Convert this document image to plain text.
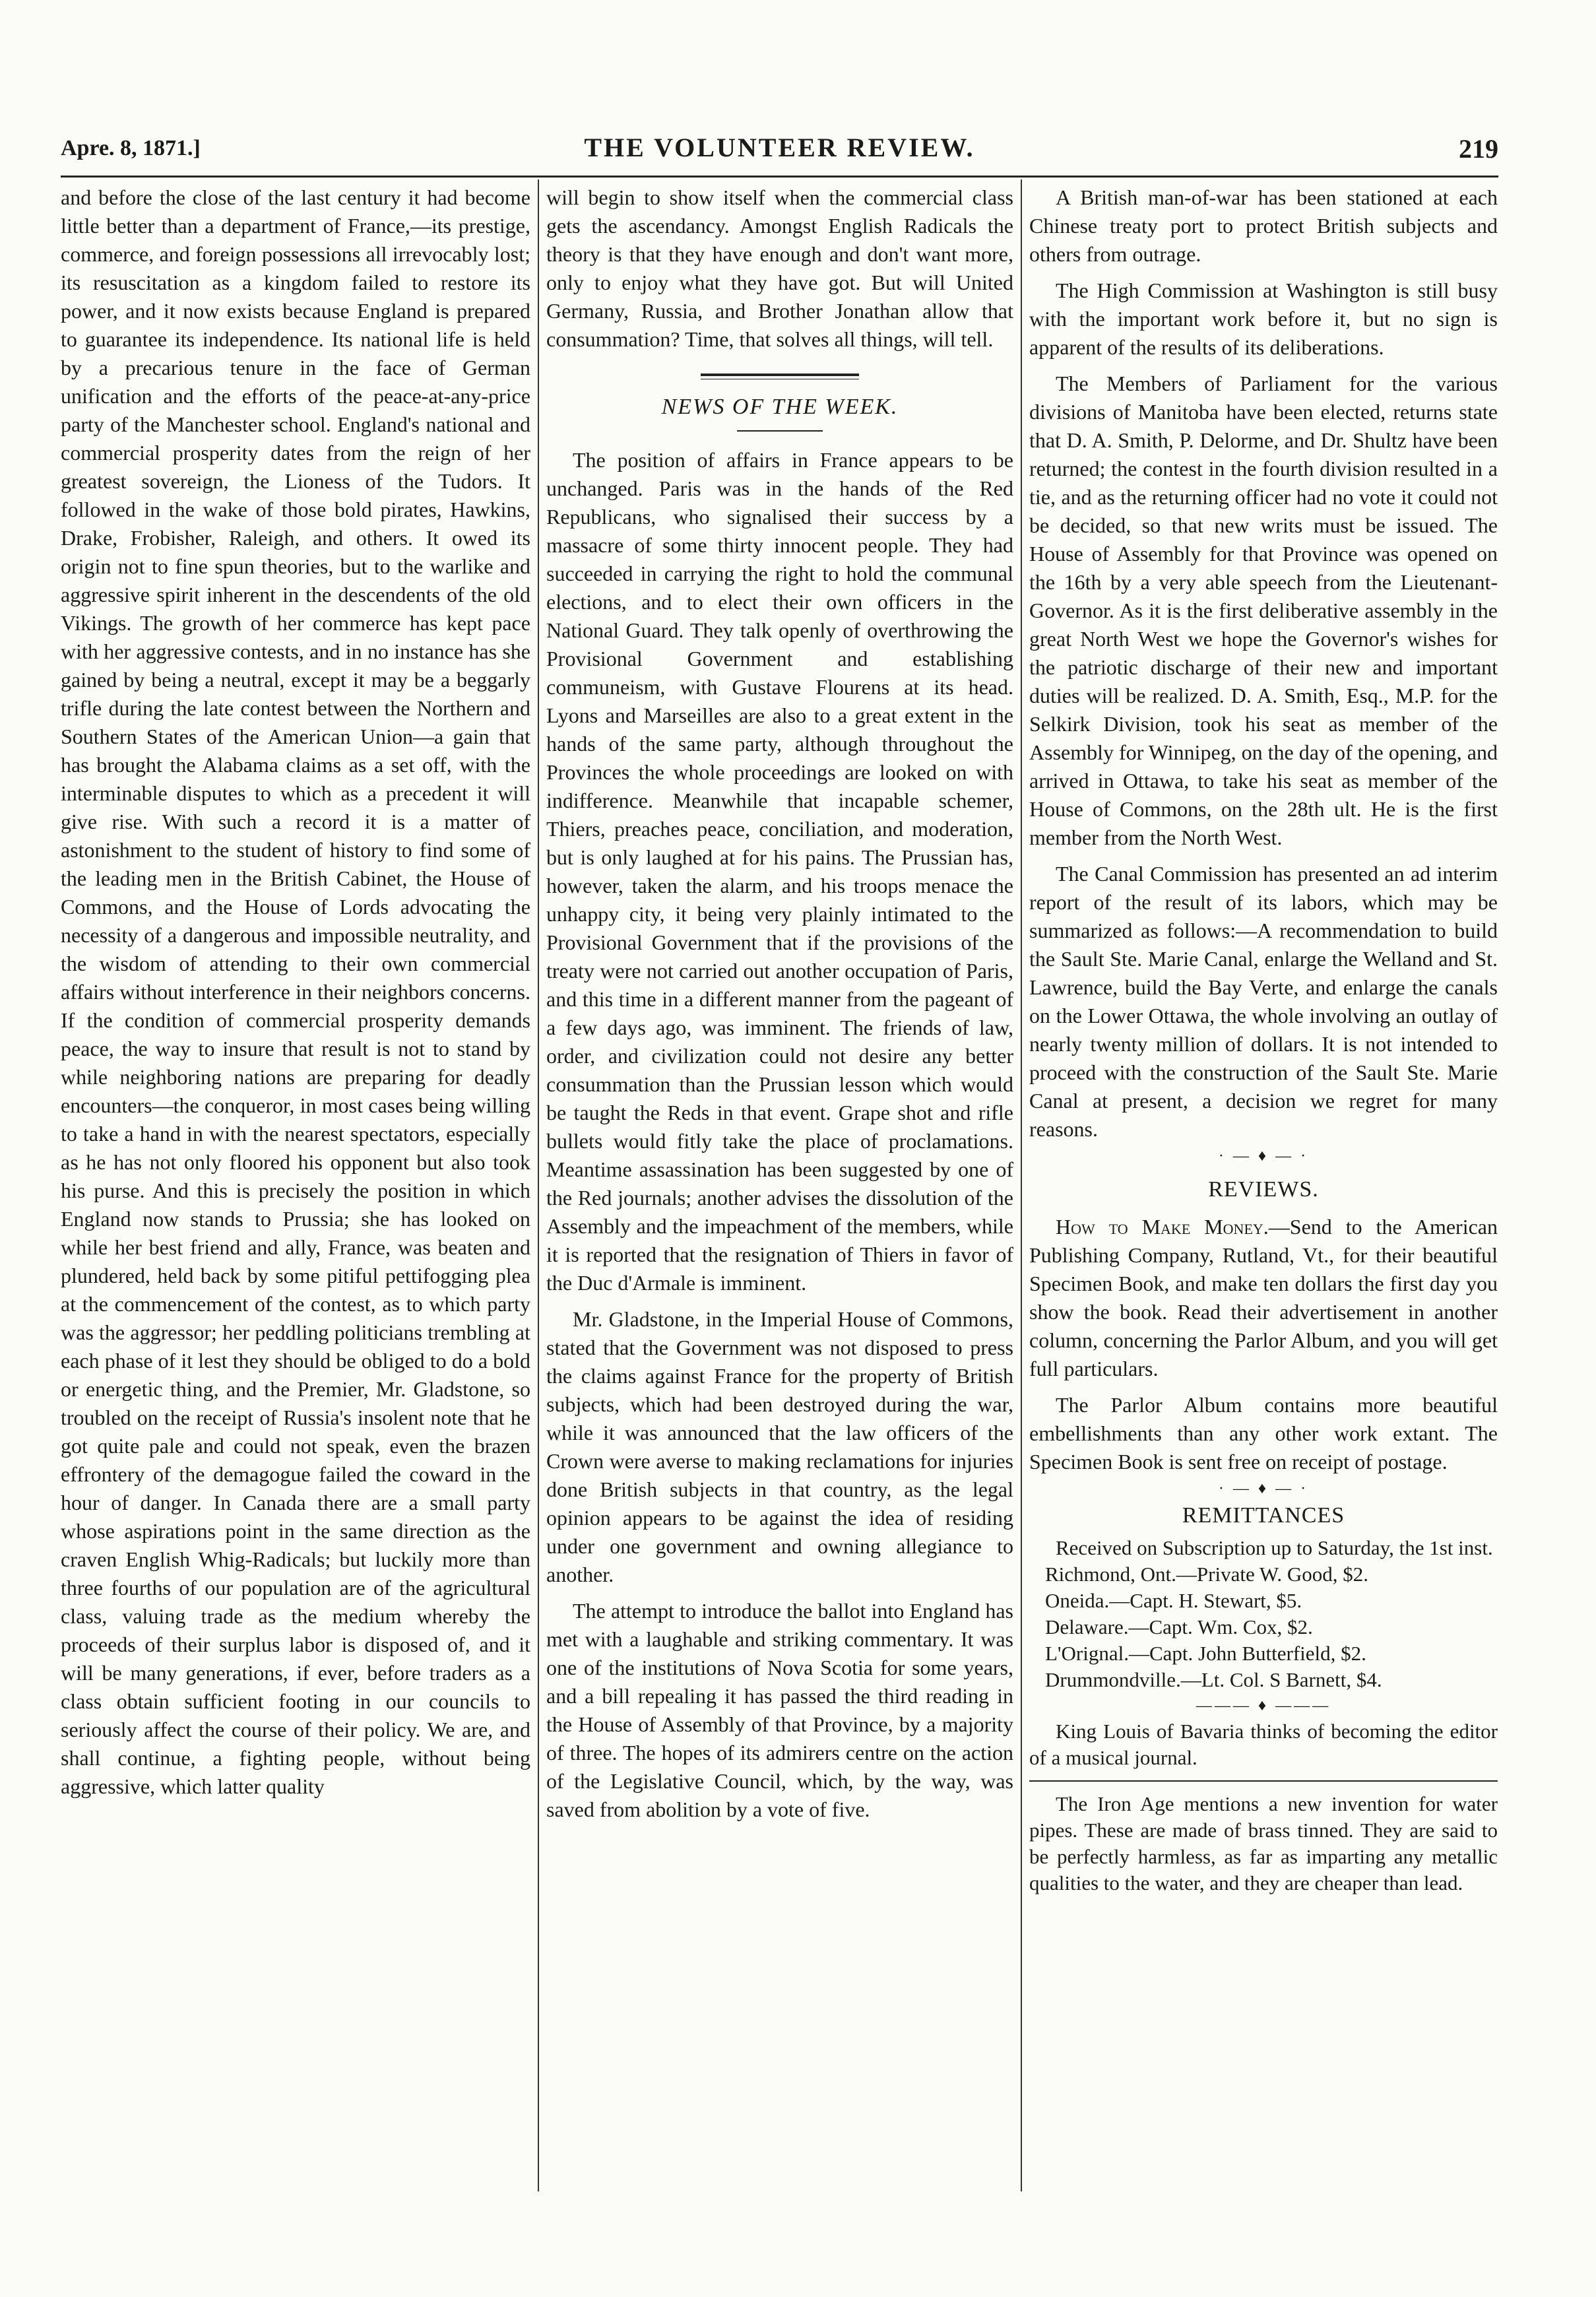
Apre. 8, 1871.]	THE VOLUNTEER REVIEW.	219

and before the close of the last century it had become little better than a department of France,—its prestige, commerce, and foreign possessions all irrevocably lost; its resuscitation as a kingdom failed to restore its power, and it now exists because England is prepared to guarantee its independence. Its national life is held by a precarious tenure in the face of German unification and the efforts of the peace-at-any-price party of the Manchester school. England's national and commercial prosperity dates from the reign of her greatest sovereign, the Lioness of the Tudors. It followed in the wake of those bold pirates, Hawkins, Drake, Frobisher, Raleigh, and others. It owed its origin not to fine spun theories, but to the warlike and aggressive spirit inherent in the descendents of the old Vikings. The growth of her commerce has kept pace with her aggressive contests, and in no instance has she gained by being a neutral, except it may be a beggarly trifle during the late contest between the Northern and Southern States of the American Union—a gain that has brought the Alabama claims as a set off, with the interminable disputes to which as a precedent it will give rise. With such a record it is a matter of astonishment to the student of history to find some of the leading men in the British Cabinet, the House of Commons, and the House of Lords advocating the necessity of a dangerous and impossible neutrality, and the wisdom of attending to their own commercial affairs without interference in their neighbors concerns. If the condition of commercial prosperity demands peace, the way to insure that result is not to stand by while neighboring nations are preparing for deadly encounters—the conqueror, in most cases being willing to take a hand in with the nearest spectators, especially as he has not only floored his opponent but also took his purse. And this is precisely the position in which England now stands to Prussia; she has looked on while her best friend and ally, France, was beaten and plundered, held back by some pitiful pettifogging plea at the commencement of the contest, as to which party was the aggressor; her peddling politicians trembling at each phase of it lest they should be obliged to do a bold or energetic thing, and the Premier, Mr. Gladstone, so troubled on the receipt of Russia's insolent note that he got quite pale and could not speak, even the brazen effrontery of the demagogue failed the coward in the hour of danger. In Canada there are a small party whose aspirations point in the same direction as the craven English Whig-Radicals; but luckily more than three fourths of our population are of the agricultural class, valuing trade as the medium whereby the proceeds of their surplus labor is disposed of, and it will be many generations, if ever, before traders as a class obtain sufficient footing in our councils to seriously affect the course of their policy. We are, and shall continue, a fighting people, without being aggressive, which latter quality

will begin to show itself when the commercial class gets the ascendancy. Amongst English Radicals the theory is that they have enough and don't want more, only to enjoy what they have got. But will United Germany, Russia, and Brother Jonathan allow that consummation? Time, that solves all things, will tell.

NEWS OF THE WEEK.

The position of affairs in France appears to be unchanged. Paris was in the hands of the Red Republicans, who signalised their success by a massacre of some thirty innocent people. They had succeeded in carrying the right to hold the communal elections, and to elect their own officers in the National Guard. They talk openly of overthrowing the Provisional Government and establishing communeism, with Gustave Flourens at its head. Lyons and Marseilles are also to a great extent in the hands of the same party, although throughout the Provinces the whole proceedings are looked on with indifference. Meanwhile that incapable schemer, Thiers, preaches peace, conciliation, and moderation, but is only laughed at for his pains. The Prussian has, however, taken the alarm, and his troops menace the unhappy city, it being very plainly intimated to the Provisional Government that if the provisions of the treaty were not carried out another occupation of Paris, and this time in a different manner from the pageant of a few days ago, was imminent. The friends of law, order, and civilization could not desire any better consummation than the Prussian lesson which would be taught the Reds in that event. Grape shot and rifle bullets would fitly take the place of proclamations. Meantime assassination has been suggested by one of the Red journals; another advises the dissolution of the Assembly and the impeachment of the members, while it is reported that the resignation of Thiers in favor of the Duc d'Armale is imminent.

Mr. Gladstone, in the Imperial House of Commons, stated that the Government was not disposed to press the claims against France for the property of British subjects, which had been destroyed during the war, while it was announced that the law officers of the Crown were averse to making reclamations for injuries done British subjects in that country, as the legal opinion appears to be against the idea of residing under one government and owning allegiance to another.

The attempt to introduce the ballot into England has met with a laughable and striking commentary. It was one of the institutions of Nova Scotia for some years, and a bill repealing it has passed the third reading in the House of Assembly of that Province, by a majority of three. The hopes of its admirers centre on the action of the Legislative Council, which, by the way, was saved from abolition by a vote of five.

A British man-of-war has been stationed at each Chinese treaty port to protect British subjects and others from outrage.

The High Commission at Washington is still busy with the important work before it, but no sign is apparent of the results of its deliberations.

The Members of Parliament for the various divisions of Manitoba have been elected, returns state that D. A. Smith, P. Delorme, and Dr. Shultz have been returned; the contest in the fourth division resulted in a tie, and as the returning officer had no vote it could not be decided, so that new writs must be issued. The House of Assembly for that Province was opened on the 16th by a very able speech from the Lieutenant-Governor. As it is the first deliberative assembly in the great North West we hope the Governor's wishes for the patriotic discharge of their new and important duties will be realized. D. A. Smith, Esq., M.P. for the Selkirk Division, took his seat as member of the Assembly for Winnipeg, on the day of the opening, and arrived in Ottawa, to take his seat as member of the House of Commons, on the 28th ult. He is the first member from the North West.

The Canal Commission has presented an ad interim report of the result of its labors, which may be summarized as follows:—A recommendation to build the Sault Ste. Marie Canal, enlarge the Welland and St. Lawrence, build the Bay Verte, and enlarge the canals on the Lower Ottawa, the whole involving an outlay of nearly twenty million of dollars. It is not intended to proceed with the construction of the Sault Ste. Marie Canal at present, a decision we regret for many reasons.

· — ♦ — ·
REVIEWS.

How to Make Money.—Send to the American Publishing Company, Rutland, Vt., for their beautiful Specimen Book, and make ten dollars the first day you show the book. Read their advertisement in another column, concerning the Parlor Album, and you will get full particulars.

The Parlor Album contains more beautiful embellishments than any other work extant. The Specimen Book is sent free on receipt of postage.

· — ♦ — ·
REMITTANCES

Received on Subscription up to Saturday, the 1st inst.

Richmond, Ont.—Private W. Good, $2.
Oneida.—Capt. H. Stewart, $5.
Delaware.—Capt. Wm. Cox, $2.
L'Orignal.—Capt. John Butterfield, $2.
Drummondville.—Lt. Col. S Barnett, $4.
——— ♦ ———

King Louis of Bavaria thinks of becoming the editor of a musical journal.

The Iron Age mentions a new invention for water pipes. These are made of brass tinned. They are said to be perfectly harmless, as far as imparting any metallic qualities to the water, and they are cheaper than lead.
